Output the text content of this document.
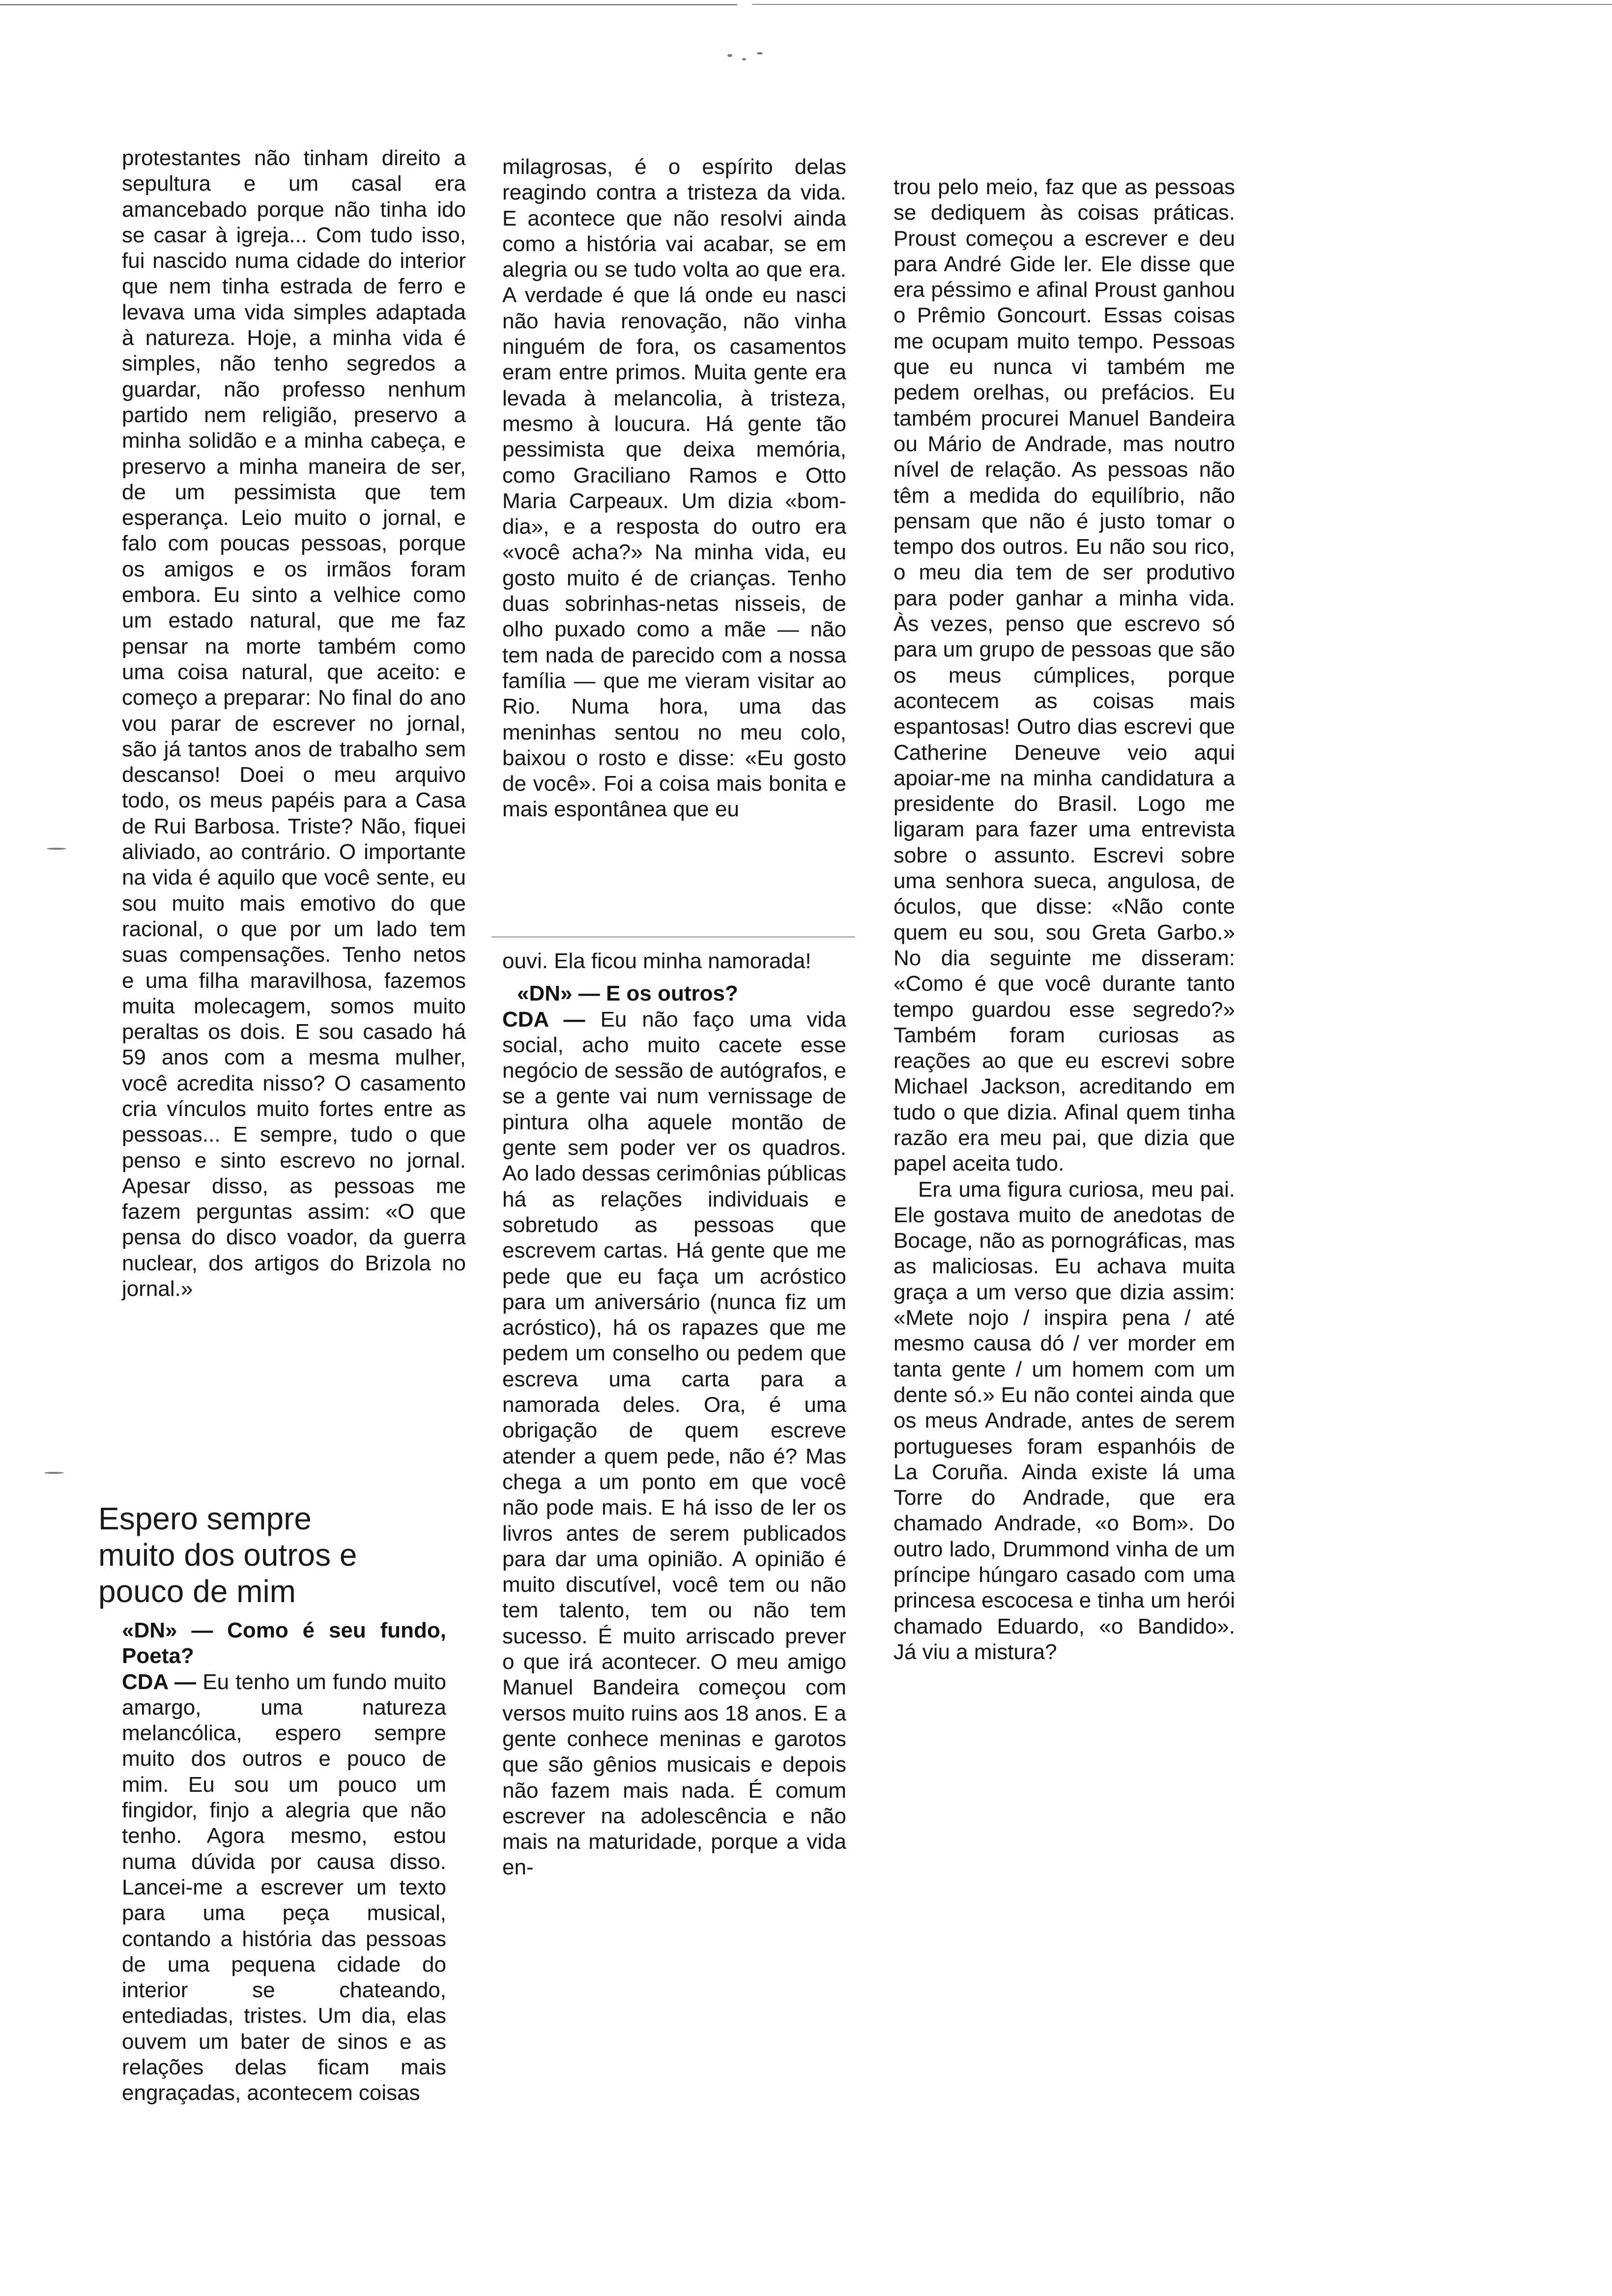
protestantes não tinham direito a sepultura e um casal era amancebado porque não tinha ido se casar à igreja... Com tudo isso, fui nascido numa cidade do interior que nem tinha estrada de ferro e levava uma vida simples adaptada à natureza. Hoje, a minha vida é simples, não tenho segredos a guardar, não professo nenhum partido nem religião, preservo a minha solidão e a minha cabeça, e preservo a minha maneira de ser, de um pessimista que tem esperança. Leio muito o jornal, e falo com poucas pessoas, porque os amigos e os irmãos foram embora. Eu sinto a velhice como um estado natural, que me faz pensar na morte também como uma coisa natural, que aceito: e começo a preparar: No final do ano vou parar de escrever no jornal, são já tantos anos de trabalho sem descanso! Doei o meu arquivo todo, os meus papéis para a Casa de Rui Barbosa. Triste? Não, fiquei aliviado, ao contrário. O importante na vida é aquilo que você sente, eu sou muito mais emotivo do que racional, o que por um lado tem suas compensações. Tenho netos e uma filha maravilhosa, fazemos muita molecagem, somos muito peraltas os dois. E sou casado há 59 anos com a mesma mulher, você acredita nisso? O casamento cria vínculos muito fortes entre as pessoas... E sempre, tudo o que penso e sinto escrevo no jornal. Apesar disso, as pessoas me fazem perguntas assim: «O que pensa do disco voador, da guerra nuclear, dos artigos do Brizola no jornal.»

Espero sempre muito dos outros e pouco de mim

«DN» — Como é seu fundo, Poeta?

CDA — Eu tenho um fundo muito amargo, uma natureza melancólica, espero sempre muito dos outros e pouco de mim. Eu sou um pouco um fingidor, finjo a alegria que não tenho. Agora mesmo, estou numa dúvida por causa disso. Lancei-me a escrever um texto para uma peça musical, contando a história das pessoas de uma pequena cidade do interior se chateando, entediadas, tristes. Um dia, elas ouvem um bater de sinos e as relações delas ficam mais engraçadas, acontecem coisas

milagrosas, é o espírito delas reagindo contra a tristeza da vida. E acontece que não resolvi ainda como a história vai acabar, se em alegria ou se tudo volta ao que era. A verdade é que lá onde eu nasci não havia renovação, não vinha ninguém de fora, os casamentos eram entre primos. Muita gente era levada à melancolia, à tristeza, mesmo à loucura. Há gente tão pessimista que deixa memória, como Graciliano Ramos e Otto Maria Carpeaux. Um dizia «bom-dia», e a resposta do outro era «você acha?» Na minha vida, eu gosto muito é de crianças. Tenho duas sobrinhas-netas nisseis, de olho puxado como a mãe — não tem nada de parecido com a nossa família — que me vieram visitar ao Rio. Numa hora, uma das meninhas sentou no meu colo, baixou o rosto e disse: «Eu gosto de você». Foi a coisa mais bonita e mais espontânea que eu

ouvi. Ela ficou minha namorada!

«DN» — E os outros?

CDA — Eu não faço uma vida social, acho muito cacete esse negócio de sessão de autógrafos, e se a gente vai num vernissage de pintura olha aquele montão de gente sem poder ver os quadros. Ao lado dessas cerimônias públicas há as relações individuais e sobretudo as pessoas que escrevem cartas. Há gente que me pede que eu faça um acróstico para um aniversário (nunca fiz um acróstico), há os rapazes que me pedem um conselho ou pedem que escreva uma carta para a namorada deles. Ora, é uma obrigação de quem escreve atender a quem pede, não é? Mas chega a um ponto em que você não pode mais. E há isso de ler os livros antes de serem publicados para dar uma opinião. A opinião é muito discutível, você tem ou não tem talento, tem ou não tem sucesso. É muito arriscado prever o que irá acontecer. O meu amigo Manuel Bandeira começou com versos muito ruins aos 18 anos. E a gente conhece meninas e garotos que são gênios musicais e depois não fazem mais nada. É comum escrever na adolescência e não mais na maturidade, porque a vida en-

trou pelo meio, faz que as pessoas se dediquem às coisas práticas. Proust começou a escrever e deu para André Gide ler. Ele disse que era péssimo e afinal Proust ganhou o Prêmio Goncourt. Essas coisas me ocupam muito tempo. Pessoas que eu nunca vi também me pedem orelhas, ou prefácios. Eu também procurei Manuel Bandeira ou Mário de Andrade, mas noutro nível de relação. As pessoas não têm a medida do equilíbrio, não pensam que não é justo tomar o tempo dos outros. Eu não sou rico, o meu dia tem de ser produtivo para poder ganhar a minha vida. Às vezes, penso que escrevo só para um grupo de pessoas que são os meus cúmplices, porque acontecem as coisas mais espantosas! Outro dias escrevi que Catherine Deneuve veio aqui apoiar-me na minha candidatura a presidente do Brasil. Logo me ligaram para fazer uma entrevista sobre o assunto. Escrevi sobre uma senhora sueca, angulosa, de óculos, que disse: «Não conte quem eu sou, sou Greta Garbo.» No dia seguinte me disseram: «Como é que você durante tanto tempo guardou esse segredo?» Também foram curiosas as reações ao que eu escrevi sobre Michael Jackson, acreditando em tudo o que dizia. Afinal quem tinha razão era meu pai, que dizia que papel aceita tudo.

Era uma figura curiosa, meu pai. Ele gostava muito de anedotas de Bocage, não as pornográficas, mas as maliciosas. Eu achava muita graça a um verso que dizia assim: «Mete nojo / inspira pena / até mesmo causa dó / ver morder em tanta gente / um homem com um dente só.» Eu não contei ainda que os meus Andrade, antes de serem portugueses foram espanhóis de La Coruña. Ainda existe lá uma Torre do Andrade, que era chamado Andrade, «o Bom». Do outro lado, Drummond vinha de um príncipe húngaro casado com uma princesa escocesa e tinha um herói chamado Eduardo, «o Bandido». Já viu a mistura?
